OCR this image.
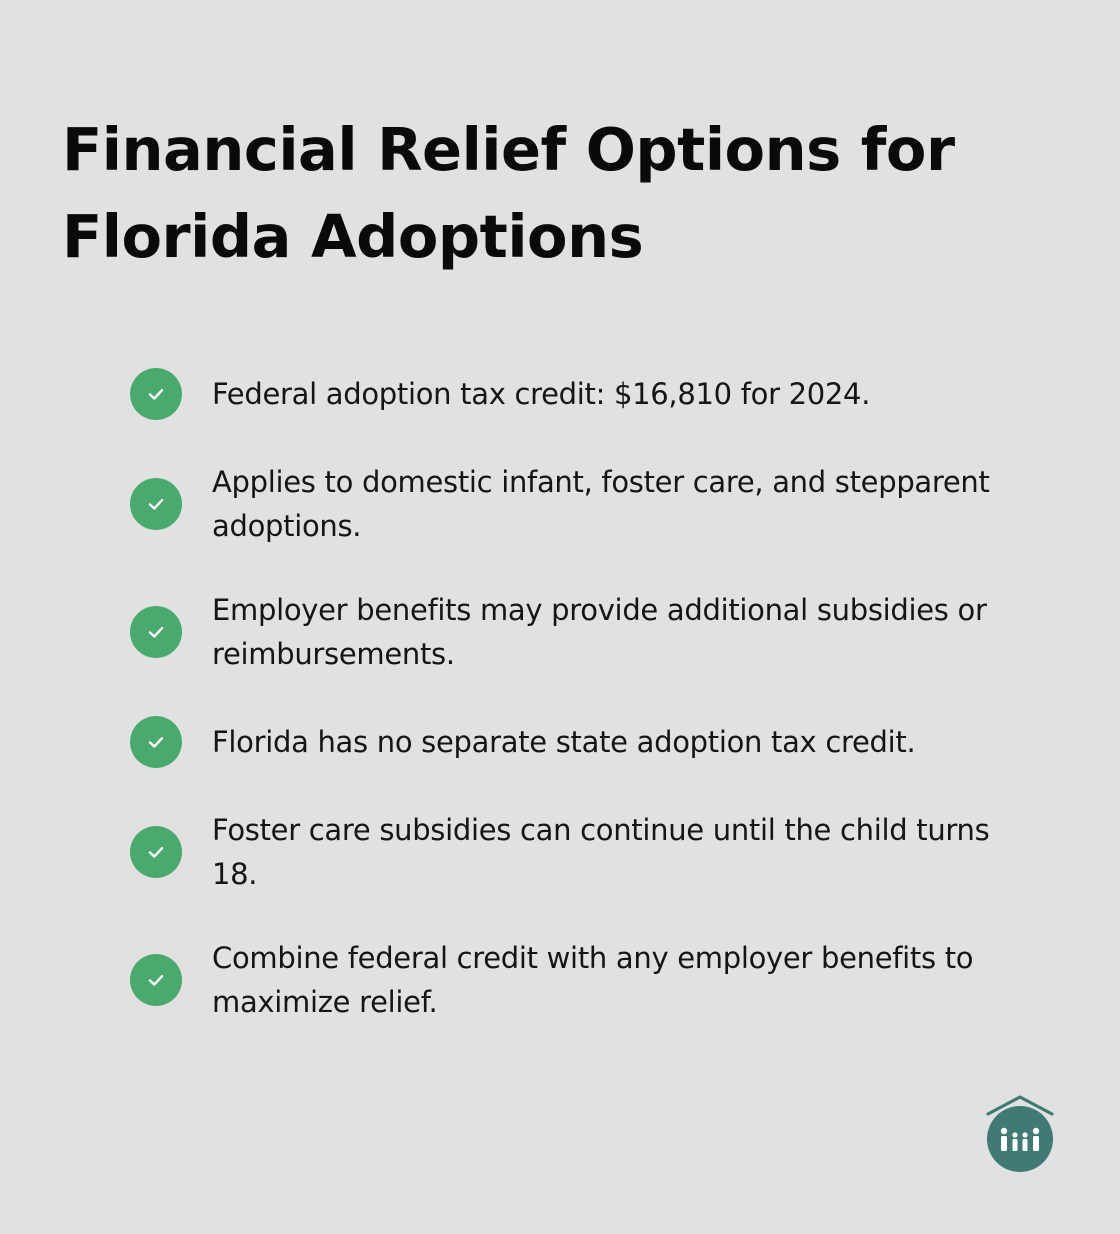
Financial Relief Options for
Florida Adoptions
Federal adoption tax credit: $16,810 for 2024.
Applies to domestic infant, foster care, and stepparent adoptions.
Employer benefits may provide additional subsidies or reimbursements.
Florida has no separate state adoption tax credit.
Foster care subsidies can continue until the child turns 18.
Combine federal credit with any employer benefits to maximize relief.
